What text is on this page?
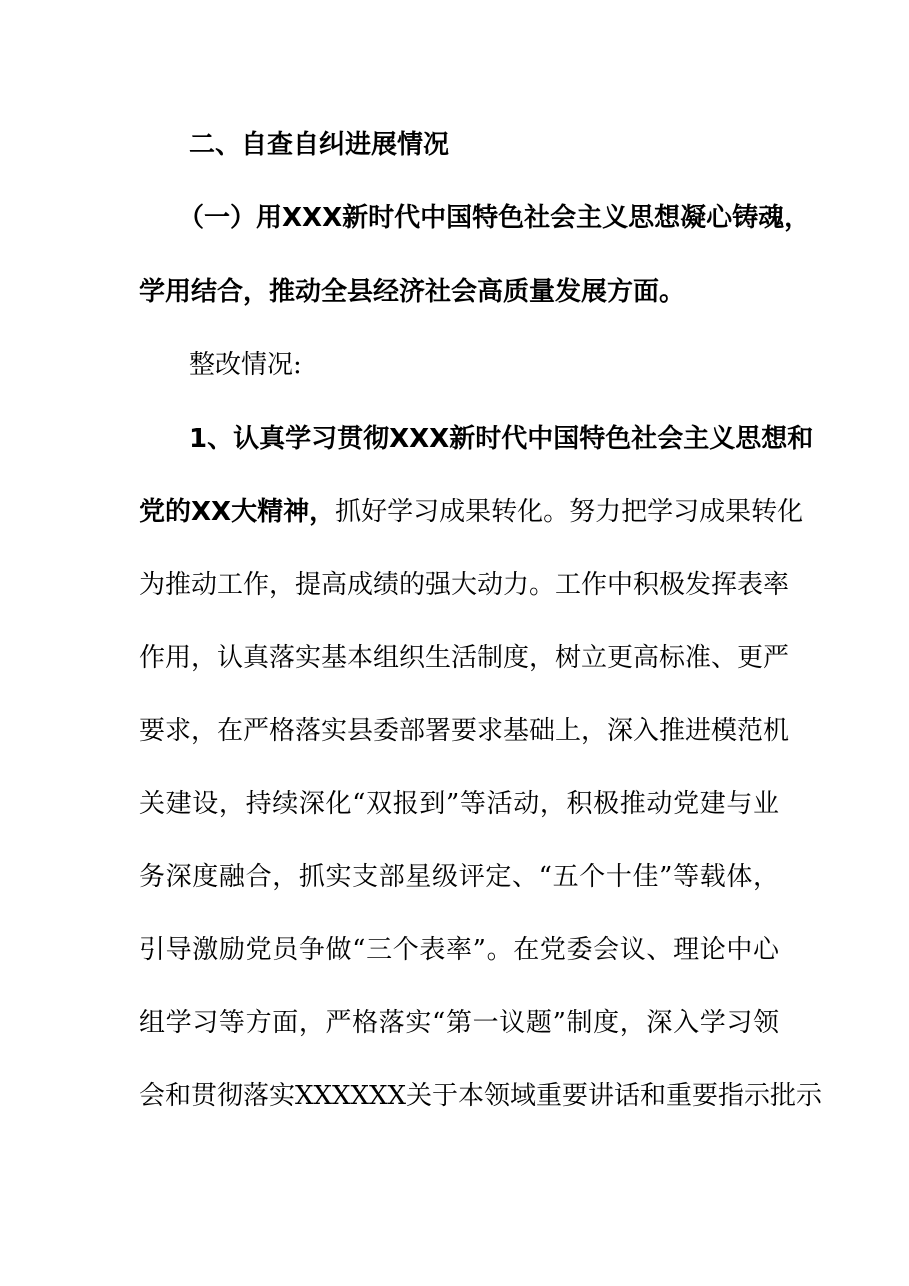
二、自查自纠进展情况
（一）用XXX新时代中国特色社会主义思想凝心铸魂，
学用结合，推动全县经济社会高质量发展方面。
整改情况:
1、认真学习贯彻XXX新时代中国特色社会主义思想和
党的XX大精神，抓好学习成果转化。努力把学习成果转化
为推动工作，提高成绩的强大动力。工作中积极发挥表率
作用，认真落实基本组织生活制度，树立更高标准、更严
要求，在严格落实县委部署要求基础上，深入推进模范机
关建设，持续深化“双报到”等活动，积极推动党建与业
务深度融合，抓实支部星级评定、“五个十佳”等载体，
引导激励党员争做“三个表率”。在党委会议、理论中心
组学习等方面，严格落实“第一议题”制度，深入学习领
会和贯彻落实XXXXXX关于本领域重要讲话和重要指示批示
